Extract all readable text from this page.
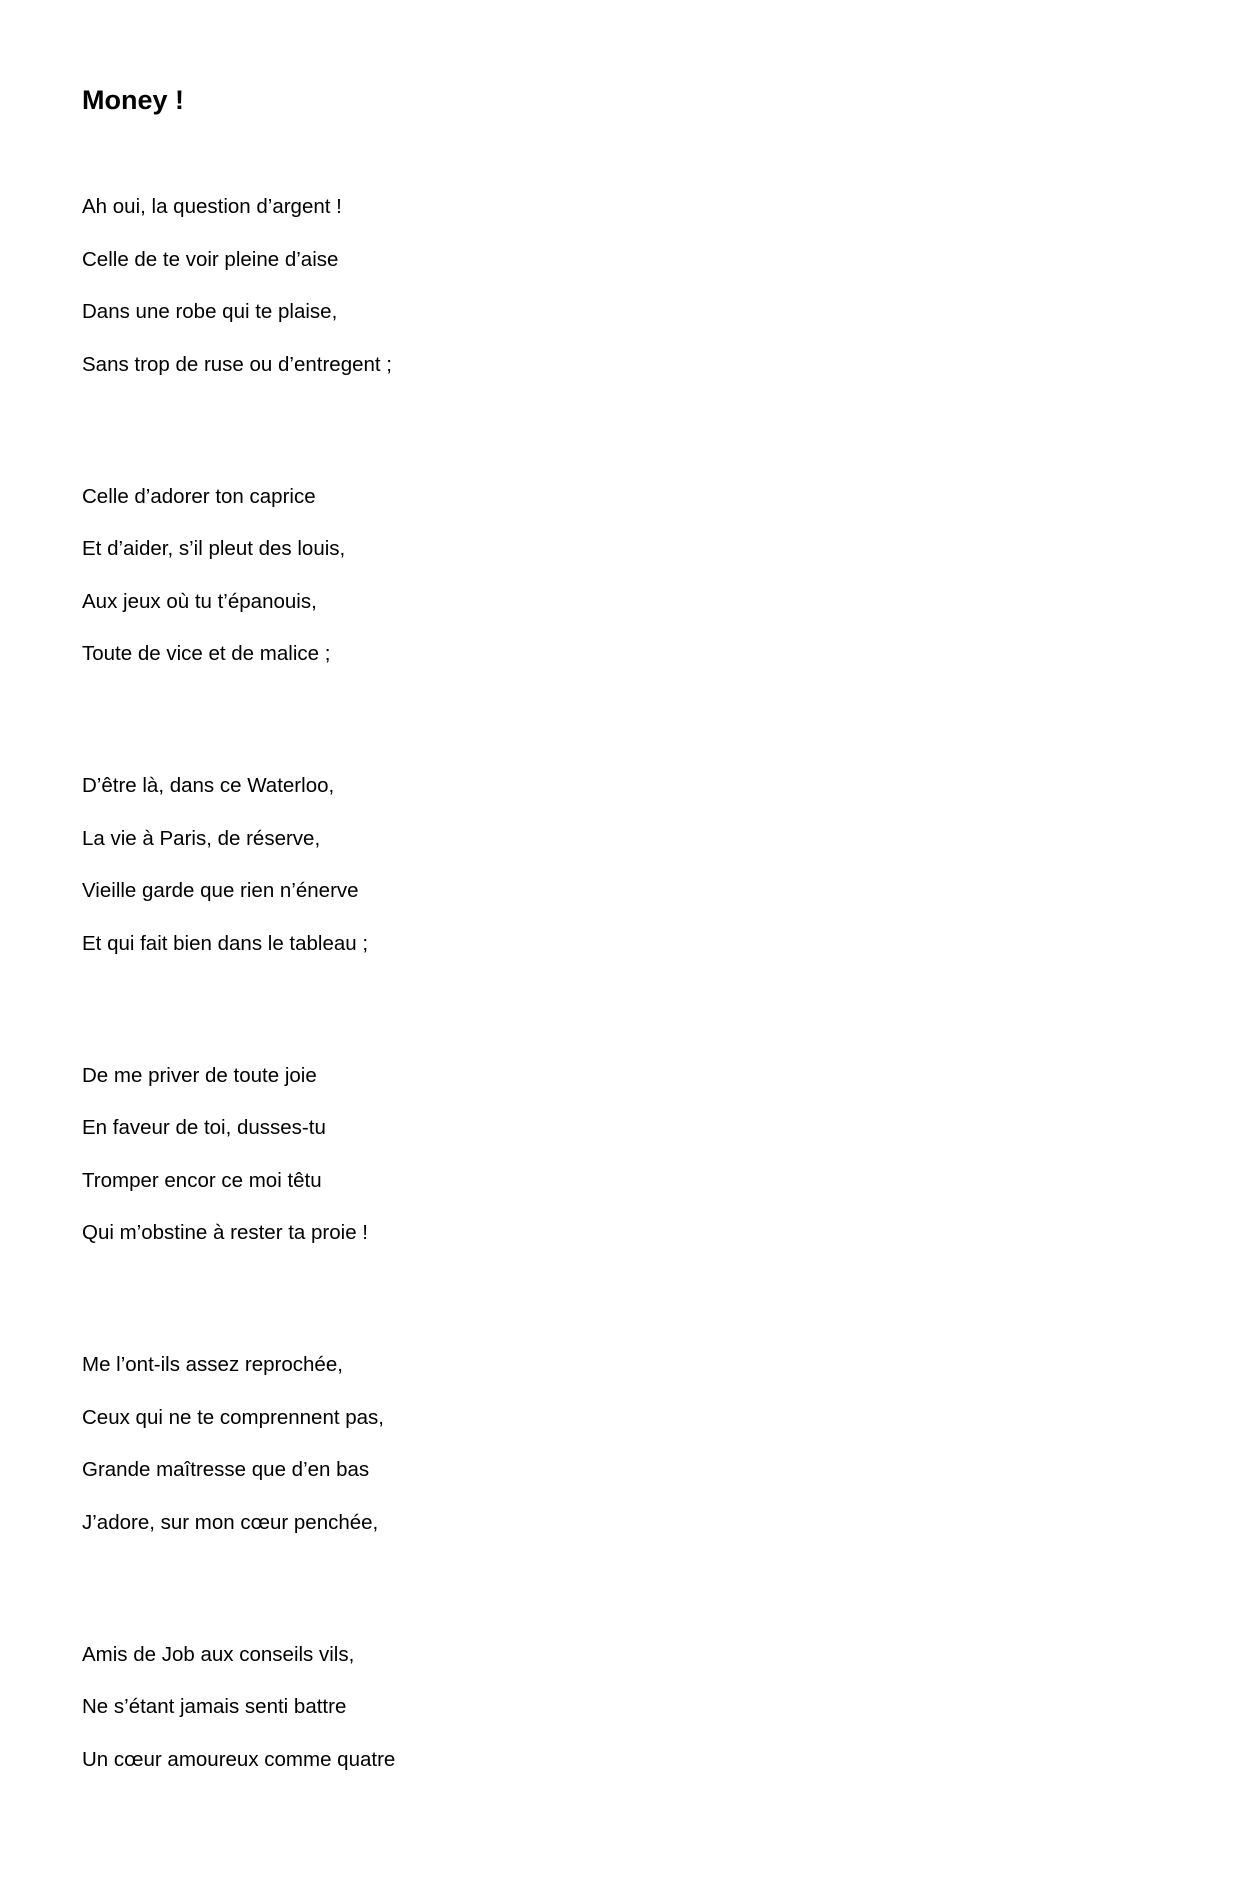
Money !
Ah oui, la question d’argent !
Celle de te voir pleine d’aise
Dans une robe qui te plaise,
Sans trop de ruse ou d’entregent ;
Celle d’adorer ton caprice
Et d’aider, s’il pleut des louis,
Aux jeux où tu t’épanouis,
Toute de vice et de malice ;
D’être là, dans ce Waterloo,
La vie à Paris, de réserve,
Vieille garde que rien n’énerve
Et qui fait bien dans le tableau ;
De me priver de toute joie
En faveur de toi, dusses-tu
Tromper encor ce moi têtu
Qui m’obstine à rester ta proie !
Me l’ont-ils assez reprochée,
Ceux qui ne te comprennent pas,
Grande maîtresse que d’en bas
J’adore, sur mon cœur penchée,
Amis de Job aux conseils vils,
Ne s’étant jamais senti battre
Un cœur amoureux comme quatre
